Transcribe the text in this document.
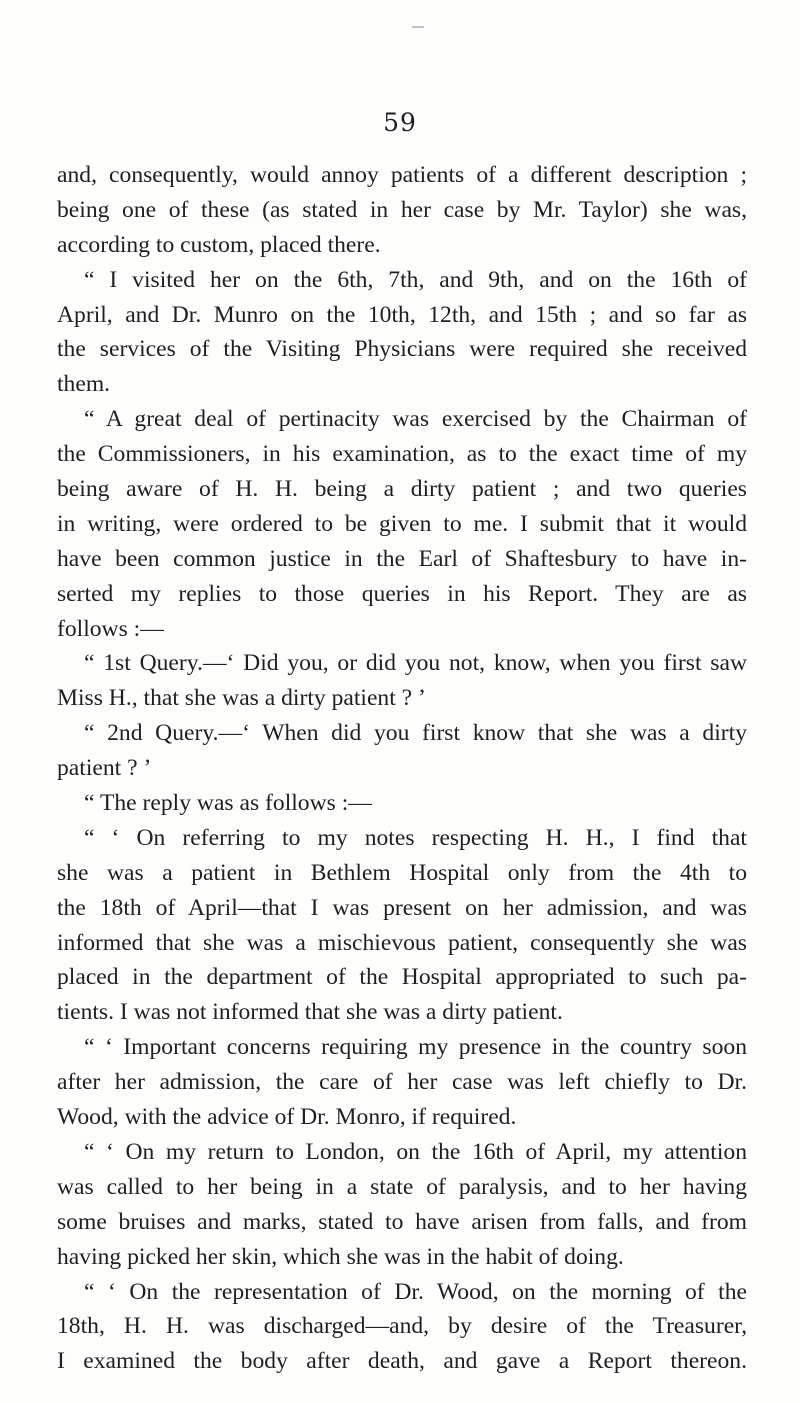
59
and, consequently, would annoy patients of a different description ;
being one of these (as stated in her case by Mr. Taylor) she was,
according to custom, placed there.
“ I visited her on the 6th, 7th, and 9th, and on the 16th of
April, and Dr. Munro on the 10th, 12th, and 15th ; and so far as
the services of the Visiting Physicians were required she received
them.
“ A great deal of pertinacity was exercised by the Chairman of
the Commissioners, in his examination, as to the exact time of my
being aware of H. H. being a dirty patient ; and two queries
in writing, were ordered to be given to me. I submit that it would
have been common justice in the Earl of Shaftesbury to have in-
serted my replies to those queries in his Report. They are as
follows :—
“ 1st Query.—‘ Did you, or did you not, know, when you first saw
Miss H., that she was a dirty patient ? ’
“ 2nd Query.—‘ When did you first know that she was a dirty
patient ? ’
“ The reply was as follows :—
“ ‘ On referring to my notes respecting H. H., I find that
she was a patient in Bethlem Hospital only from the 4th to
the 18th of April—that I was present on her admission, and was
informed that she was a mischievous patient, consequently she was
placed in the department of the Hospital appropriated to such pa-
tients. I was not informed that she was a dirty patient.
“ ‘ Important concerns requiring my presence in the country soon
after her admission, the care of her case was left chiefly to Dr.
Wood, with the advice of Dr. Monro, if required.
“ ‘ On my return to London, on the 16th of April, my attention
was called to her being in a state of paralysis, and to her having
some bruises and marks, stated to have arisen from falls, and from
having picked her skin, which she was in the habit of doing.
“ ‘ On the representation of Dr. Wood, on the morning of the
18th, H. H. was discharged—and, by desire of the Treasurer,
I examined the body after death, and gave a Report thereon.
